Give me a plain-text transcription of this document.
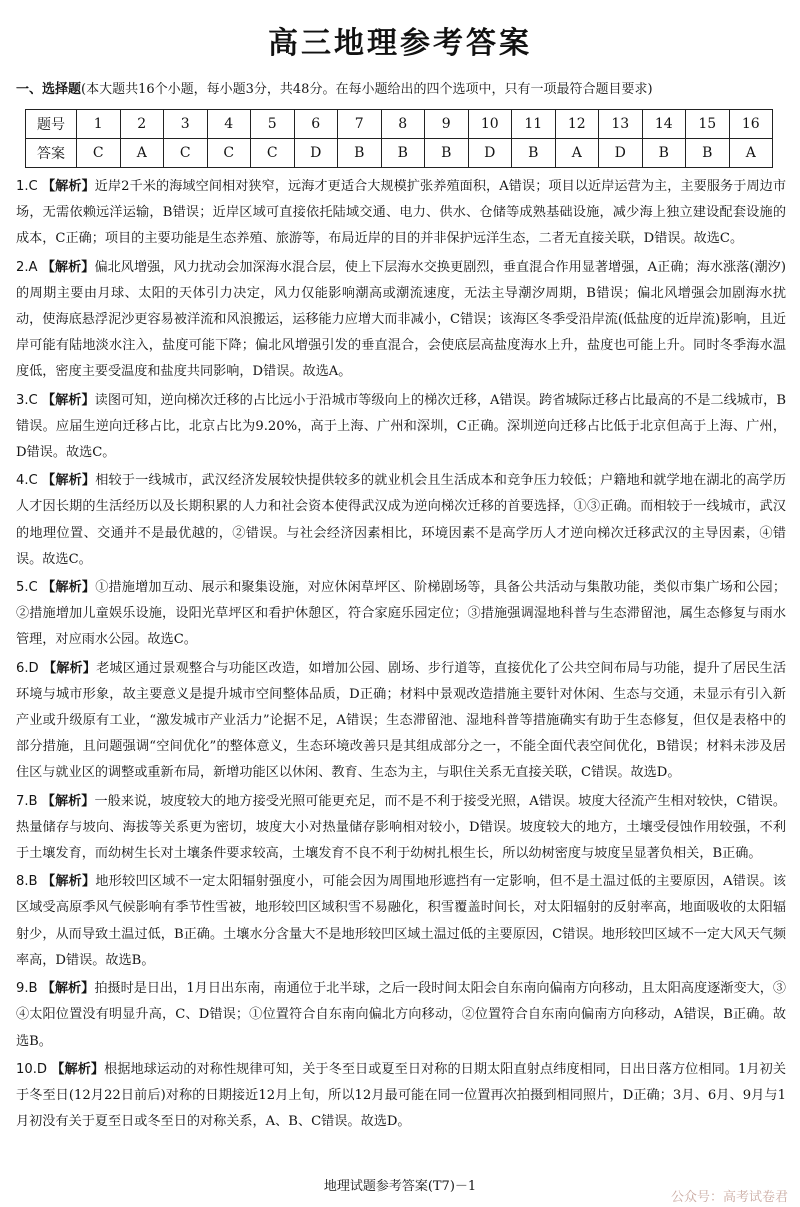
高三地理参考答案
一、选择题(本大题共16个小题，每小题3分，共48分。在每小题给出的四个选项中，只有一项最符合题目要求)
题号	1	2	3	4	5	6	7	8	9	10	11	12	13	14	15	16
答案	C	A	C	C	C	D	B	B	B	D	B	A	D	B	B	A
1.C 【解析】近岸2千米的海域空间相对狭窄，远海才更适合大规模扩张养殖面积，A错误；项目以近岸运营为主，主要服务于周边市场，无需依赖远洋运输，B错误；近岸区域可直接依托陆域交通、电力、供水、仓储等成熟基础设施，减少海上独立建设配套设施的成本，C正确；项目的主要功能是生态养殖、旅游等，布局近岸的目的并非保护远洋生态，二者无直接关联，D错误。故选C。
2.A 【解析】偏北风增强，风力扰动会加深海水混合层，使上下层海水交换更剧烈，垂直混合作用显著增强，A正确；海水涨落(潮汐)的周期主要由月球、太阳的天体引力决定，风力仅能影响潮高或潮流速度，无法主导潮汐周期，B错误；偏北风增强会加剧海水扰动，使海底悬浮泥沙更容易被洋流和风浪搬运，运移能力应增大而非减小，C错误；该海区冬季受沿岸流(低盐度的近岸流)影响，且近岸可能有陆地淡水注入，盐度可能下降；偏北风增强引发的垂直混合，会使底层高盐度海水上升，盐度也可能上升。同时冬季海水温度低，密度主要受温度和盐度共同影响，D错误。故选A。
3.C 【解析】读图可知，逆向梯次迁移的占比远小于沿城市等级向上的梯次迁移，A错误。跨省城际迁移占比最高的不是二线城市，B错误。应届生逆向迁移占比，北京占比为9.20%，高于上海、广州和深圳，C正确。深圳逆向迁移占比低于北京但高于上海、广州，D错误。故选C。
4.C 【解析】相较于一线城市，武汉经济发展较快提供较多的就业机会且生活成本和竞争压力较低；户籍地和就学地在湖北的高学历人才因长期的生活经历以及长期积累的人力和社会资本使得武汉成为逆向梯次迁移的首要选择，①③正确。而相较于一线城市，武汉的地理位置、交通并不是最优越的，②错误。与社会经济因素相比，环境因素不是高学历人才逆向梯次迁移武汉的主导因素，④错误。故选C。
5.C 【解析】①措施增加互动、展示和聚集设施，对应休闲草坪区、阶梯剧场等，具备公共活动与集散功能，类似市集广场和公园；②措施增加儿童娱乐设施，设阳光草坪区和看护休憩区，符合家庭乐园定位；③措施强调湿地科普与生态滞留池，属生态修复与雨水管理，对应雨水公园。故选C。
6.D 【解析】老城区通过景观整合与功能区改造，如增加公园、剧场、步行道等，直接优化了公共空间布局与功能，提升了居民生活环境与城市形象，故主要意义是提升城市空间整体品质，D正确；材料中景观改造措施主要针对休闲、生态与交通，未显示有引入新产业或升级原有工业，“激发城市产业活力”论据不足，A错误；生态滞留池、湿地科普等措施确实有助于生态修复，但仅是表格中的部分措施，且问题强调“空间优化”的整体意义，生态环境改善只是其组成部分之一，不能全面代表空间优化，B错误；材料未涉及居住区与就业区的调整或重新布局，新增功能区以休闲、教育、生态为主，与职住关系无直接关联，C错误。故选D。
7.B 【解析】一般来说，坡度较大的地方接受光照可能更充足，而不是不利于接受光照，A错误。坡度大径流产生相对较快，C错误。热量储存与坡向、海拔等关系更为密切，坡度大小对热量储存影响相对较小，D错误。坡度较大的地方，土壤受侵蚀作用较强，不利于土壤发育，而幼树生长对土壤条件要求较高，土壤发育不良不利于幼树扎根生长，所以幼树密度与坡度呈显著负相关，B正确。
8.B 【解析】地形较凹区域不一定太阳辐射强度小，可能会因为周围地形遮挡有一定影响，但不是土温过低的主要原因，A错误。该区域受高原季风气候影响有季节性雪被，地形较凹区域积雪不易融化，积雪覆盖时间长，对太阳辐射的反射率高，地面吸收的太阳辐射少，从而导致土温过低，B正确。土壤水分含量大不是地形较凹区域土温过低的主要原因，C错误。地形较凹区域不一定大风天气频率高，D错误。故选B。
9.B 【解析】拍摄时是日出，1月日出东南，南通位于北半球，之后一段时间太阳会自东南向偏南方向移动，且太阳高度逐渐变大，③④太阳位置没有明显升高，C、D错误；①位置符合自东南向偏北方向移动，②位置符合自东南向偏南方向移动，A错误，B正确。故选B。
10.D 【解析】根据地球运动的对称性规律可知，关于冬至日或夏至日对称的日期太阳直射点纬度相同，日出日落方位相同。1月初关于冬至日(12月22日前后)对称的日期接近12月上旬，所以12月最可能在同一位置再次拍摄到相同照片，D正确；3月、6月、9月与1月初没有关于夏至日或冬至日的对称关系，A、B、C错误。故选D。
地理试题参考答案(T7)－1
公众号：高考试卷君
